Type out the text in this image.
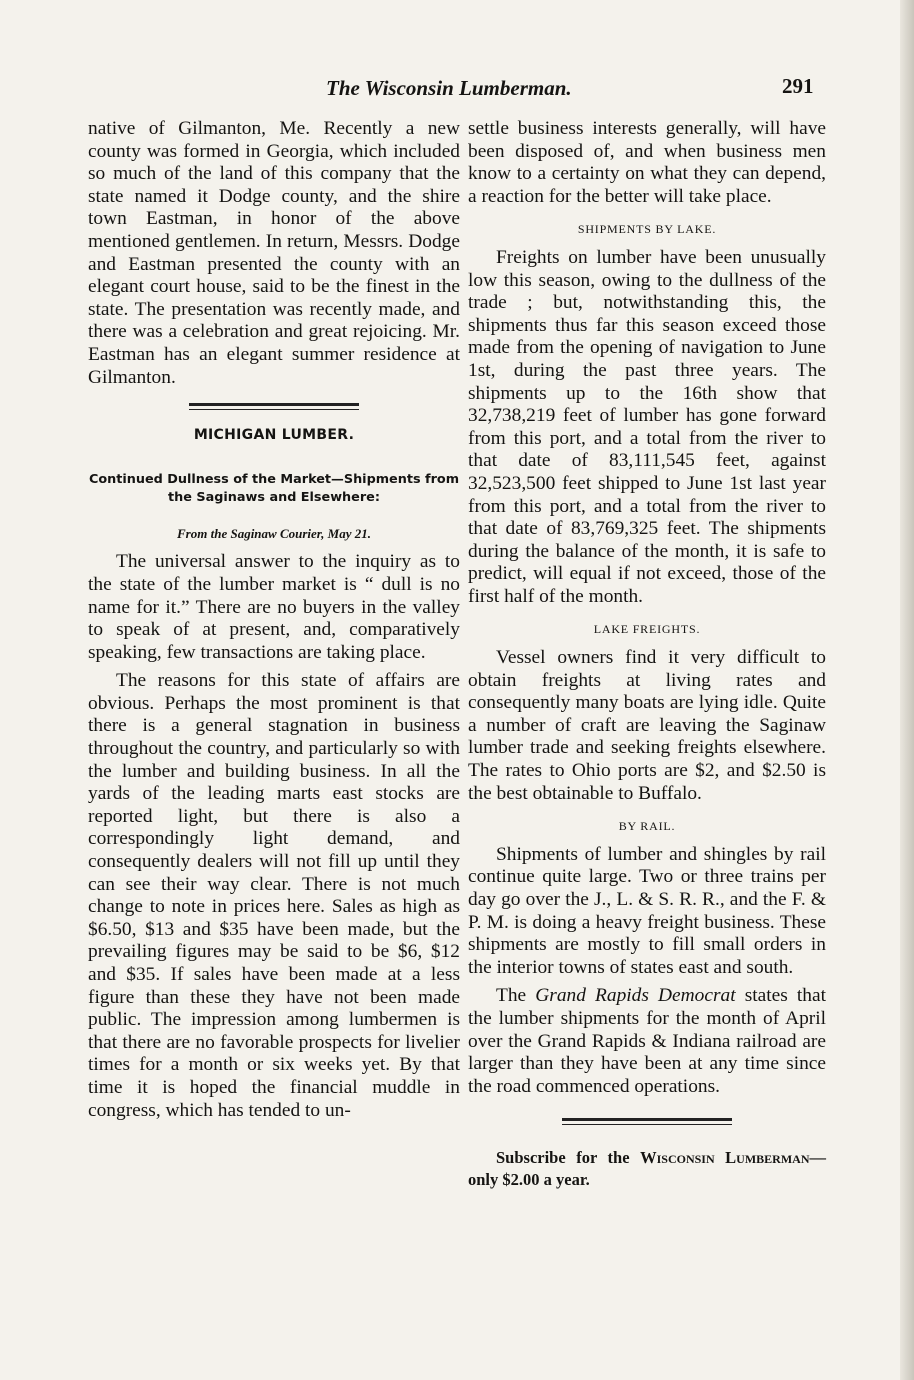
The Wisconsin Lumberman.	291

native of Gilmanton, Me. Recently a new county was formed in Georgia, which included so much of the land of this company that the state named it Dodge county, and the shire town Eastman, in honor of the above mentioned gentlemen. In return, Messrs. Dodge and Eastman presented the county with an elegant court house, said to be the finest in the state. The presentation was recently made, and there was a celebration and great rejoicing. Mr. Eastman has an elegant summer residence at Gilmanton.

MICHIGAN LUMBER.
Continued Dullness of the Market—Shipments from the Saginaws and Elsewhere:
From the Saginaw Courier, May 21.

The universal answer to the inquiry as to the state of the lumber market is “ dull is no name for it.” There are no buyers in the valley to speak of at present, and, comparatively speaking, few transactions are taking place.

The reasons for this state of affairs are obvious. Perhaps the most prominent is that there is a general stagnation in business throughout the country, and particularly so with the lumber and building business. In all the yards of the leading marts east stocks are reported light, but there is also a correspondingly light demand, and consequently dealers will not fill up until they can see their way clear. There is not much change to note in prices here. Sales as high as $6.50, $13 and $35 have been made, but the prevailing figures may be said to be $6, $12 and $35. If sales have been made at a less figure than these they have not been made public. The impression among lumbermen is that there are no favorable prospects for livelier times for a month or six weeks yet. By that time it is hoped the financial muddle in congress, which has tended to un-

settle business interests generally, will have been disposed of, and when business men know to a certainty on what they can depend, a reaction for the better will take place.

SHIPMENTS BY LAKE.

Freights on lumber have been unusually low this season, owing to the dullness of the trade ; but, notwithstanding this, the shipments thus far this season exceed those made from the opening of navigation to June 1st, during the past three years. The shipments up to the 16th show that 32,738,219 feet of lumber has gone forward from this port, and a total from the river to that date of 83,111,545 feet, against 32,523,500 feet shipped to June 1st last year from this port, and a total from the river to that date of 83,769,325 feet. The shipments during the balance of the month, it is safe to predict, will equal if not exceed, those of the first half of the month.

LAKE FREIGHTS.

Vessel owners find it very difficult to obtain freights at living rates and consequently many boats are lying idle. Quite a number of craft are leaving the Saginaw lumber trade and seeking freights elsewhere. The rates to Ohio ports are $2, and $2.50 is the best obtainable to Buffalo.

BY RAIL.

Shipments of lumber and shingles by rail continue quite large. Two or three trains per day go over the J., L. & S. R. R., and the F. & P. M. is doing a heavy freight business. These shipments are mostly to fill small orders in the interior towns of states east and south.

The Grand Rapids Democrat states that the lumber shipments for the month of April over the Grand Rapids & Indiana railroad are larger than they have been at any time since the road commenced operations.

Subscribe for the Wisconsin Lumberman—only $2.00 a year.
